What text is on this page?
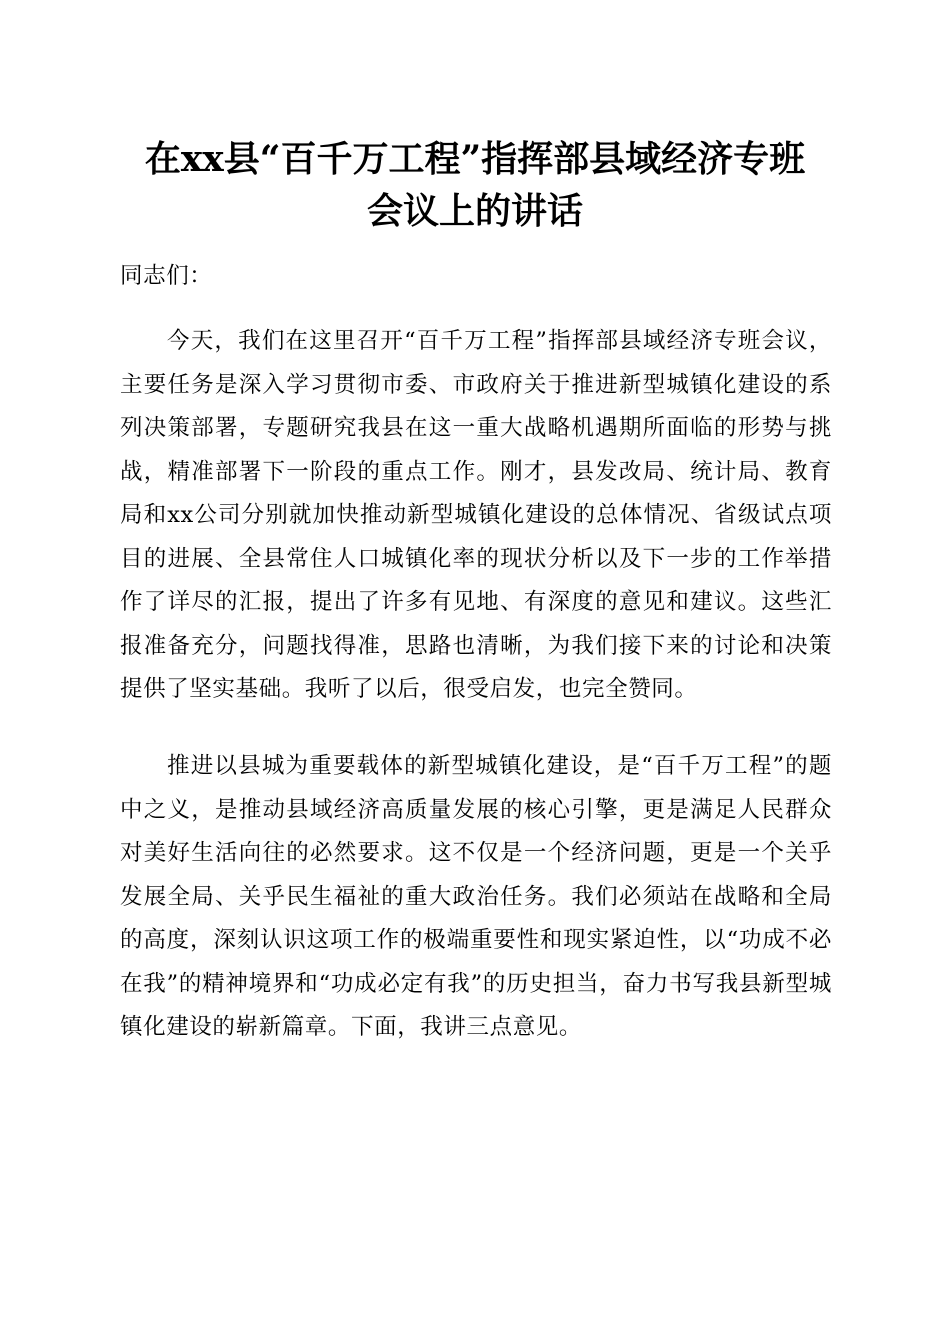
在xx县“百千万工程”指挥部县域经济专班
会议上的讲话

同志们：

今天，我们在这里召开“百千万工程”指挥部县域经济专班会议，主要任务是深入学习贯彻市委、市政府关于推进新型城镇化建设的系列决策部署，专题研究我县在这一重大战略机遇期所面临的形势与挑战，精准部署下一阶段的重点工作。刚才，县发改局、统计局、教育局和xx公司分别就加快推动新型城镇化建设的总体情况、省级试点项目的进展、全县常住人口城镇化率的现状分析以及下一步的工作举措作了详尽的汇报，提出了许多有见地、有深度的意见和建议。这些汇报准备充分，问题找得准，思路也清晰，为我们接下来的讨论和决策提供了坚实基础。我听了以后，很受启发，也完全赞同。

推进以县城为重要载体的新型城镇化建设，是“百千万工程”的题中之义，是推动县域经济高质量发展的核心引擎，更是满足人民群众对美好生活向往的必然要求。这不仅是一个经济问题，更是一个关乎发展全局、关乎民生福祉的重大政治任务。我们必须站在战略和全局的高度，深刻认识这项工作的极端重要性和现实紧迫性，以“功成不必在我”的精神境界和“功成必定有我”的历史担当，奋力书写我县新型城镇化建设的崭新篇章。下面，我讲三点意见。
